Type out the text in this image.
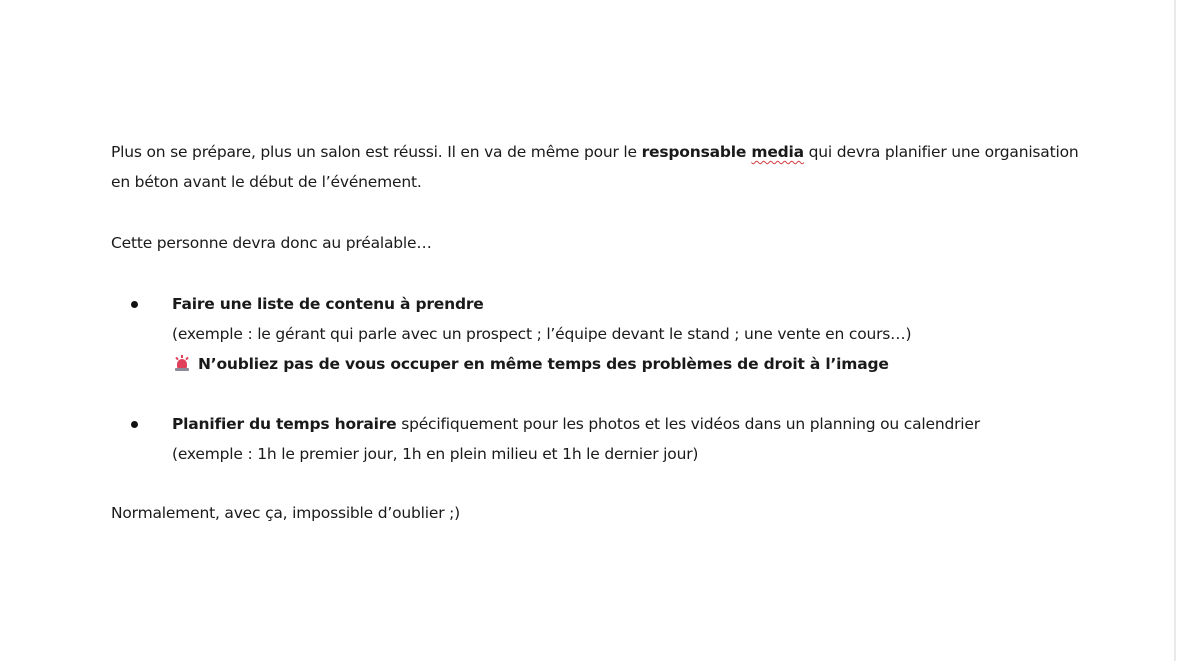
Plus on se prépare, plus un salon est réussi. Il en va de même pour le responsable media qui devra planifier une organisation

en béton avant le début de l’événement.

Cette personne devra donc au préalable…

Faire une liste de contenu à prendre

(exemple : le gérant qui parle avec un prospect ; l’équipe devant le stand ; une vente en cours…)

N’oubliez pas de vous occuper en même temps des problèmes de droit à l’image

Planifier du temps horaire spécifiquement pour les photos et les vidéos dans un planning ou calendrier

(exemple : 1h le premier jour, 1h en plein milieu et 1h le dernier jour)

Normalement, avec ça, impossible d’oublier ;)
